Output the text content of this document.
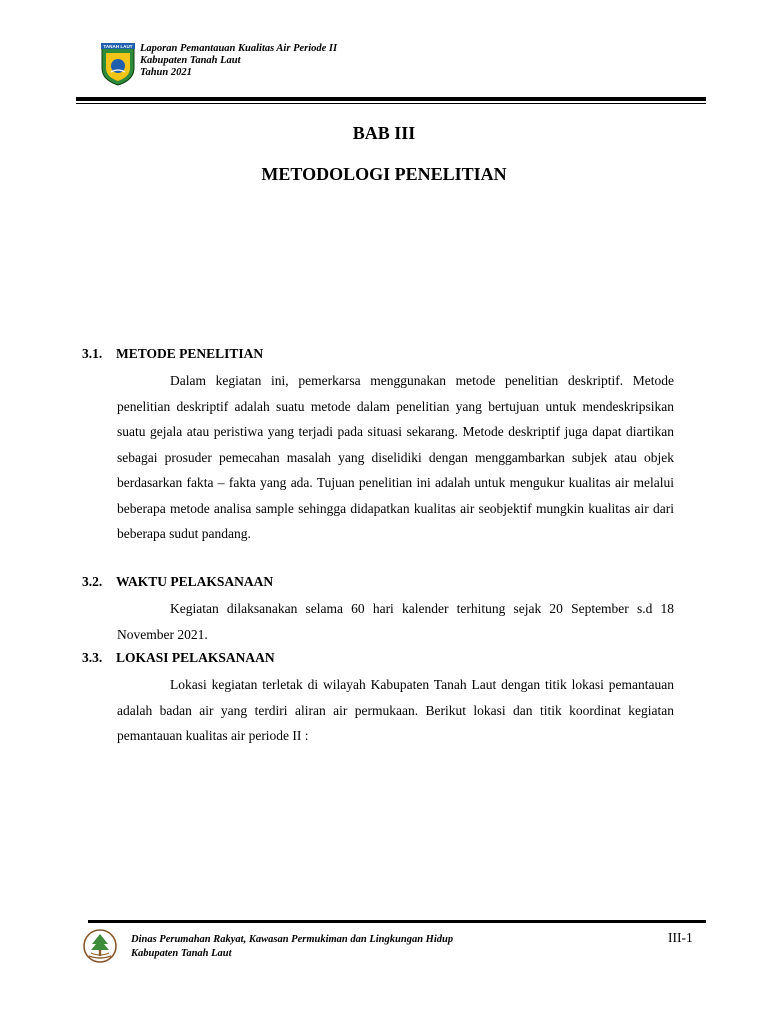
TANAH LAUT Laporan Pemantauan Kualitas Air Periode II
Kabupaten Tanah Laut
Tahun 2021
BAB III
METODOLOGI PENELITIAN
3.1. METODE PENELITIAN
Dalam kegiatan ini, pemerkarsa menggunakan metode penelitian deskriptif. Metode penelitian deskriptif adalah suatu metode dalam penelitian yang bertujuan untuk mendeskripsikan suatu gejala atau peristiwa yang terjadi pada situasi sekarang. Metode deskriptif juga dapat diartikan sebagai prosuder pemecahan masalah yang diselidiki dengan menggambarkan subjek atau objek berdasarkan fakta – fakta yang ada. Tujuan penelitian ini adalah untuk mengukur kualitas air melalui beberapa metode analisa sample sehingga didapatkan kualitas air seobjektif mungkin kualitas air dari beberapa sudut pandang.
3.2. WAKTU PELAKSANAAN
Kegiatan dilaksanakan selama 60 hari kalender terhitung sejak 20 September s.d 18 November 2021.
3.3. LOKASI PELAKSANAAN
Lokasi kegiatan terletak di wilayah Kabupaten Tanah Laut dengan titik lokasi pemantauan adalah badan air yang terdiri aliran air permukaan. Berikut lokasi dan titik koordinat kegiatan pemantauan kualitas air periode II :
Dinas Perumahan Rakyat, Kawasan Permukiman dan Lingkungan Hidup
Kabupaten Tanah Laut
III-1
